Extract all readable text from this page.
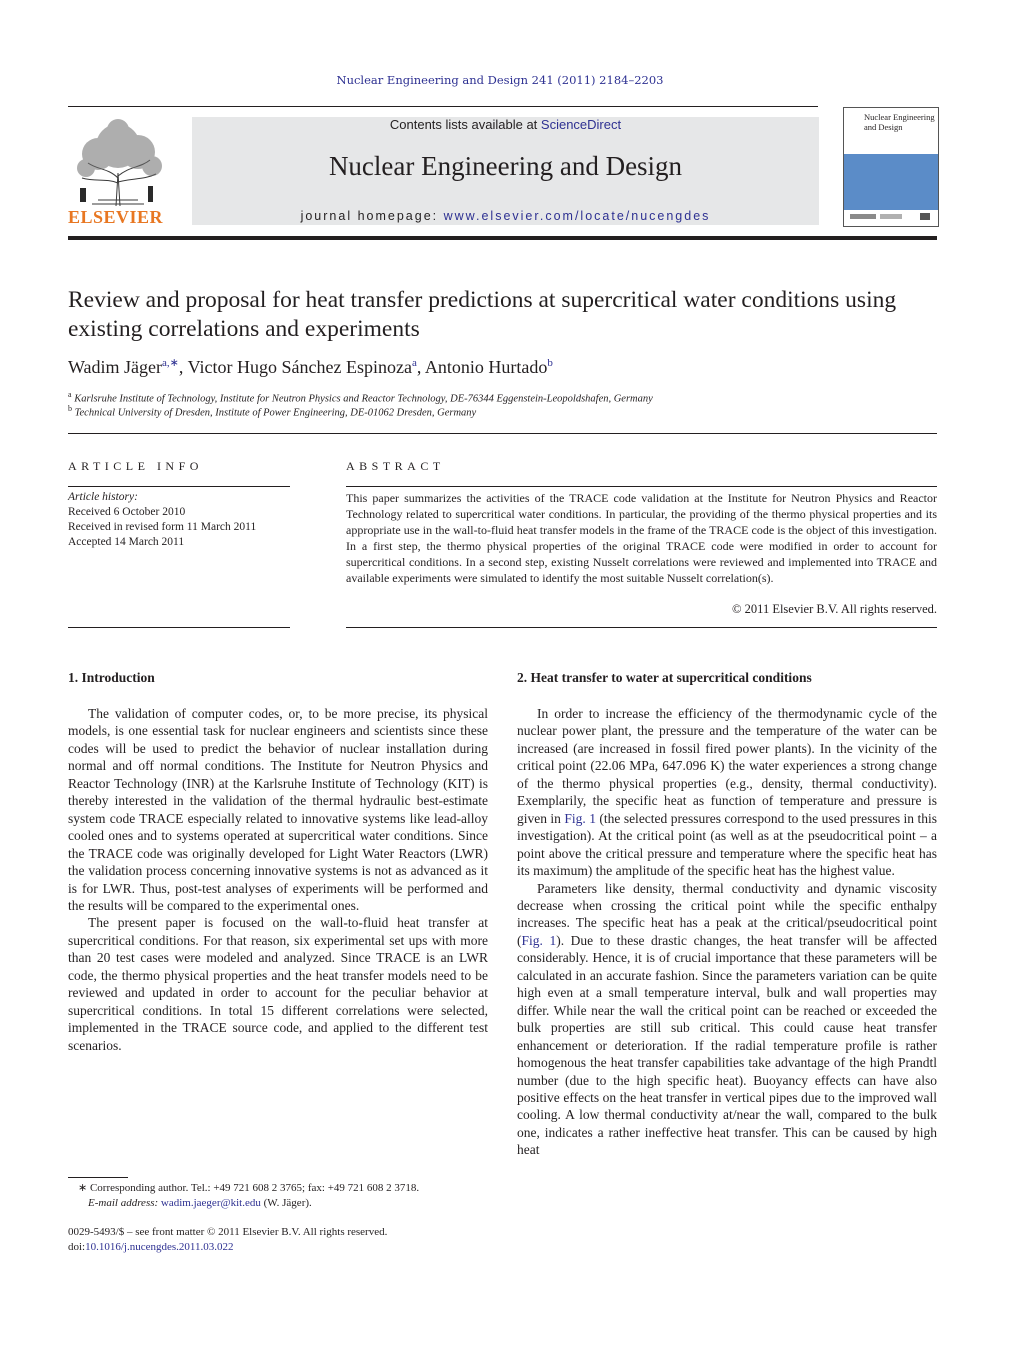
Nuclear Engineering and Design 241 (2011) 2184–2203
ELSEVIER
Contents lists available at ScienceDirect
Nuclear Engineering and Design
journal homepage: www.elsevier.com/locate/nucengdes
Nuclear Engineering and Design
Review and proposal for heat transfer predictions at supercritical water conditions using existing correlations and experiments
Wadim Jäger$^{a,∗}$, Victor Hugo Sánchez Espinoza$^a$, Antonio Hurtado$^b$
$^a$ Karlsruhe Institute of Technology, Institute for Neutron Physics and Reactor Technology, DE-76344 Eggenstein-Leopoldshafen, Germany
$^b$ Technical University of Dresden, Institute of Power Engineering, DE-01062 Dresden, Germany
ARTICLE INFO
Article history:
Received 6 October 2010
Received in revised form 11 March 2011
Accepted 14 March 2011
ABSTRACT
This paper summarizes the activities of the TRACE code validation at the Institute for Neutron Physics and Reactor Technology related to supercritical water conditions. In particular, the providing of the thermo physical properties and its appropriate use in the wall-to-fluid heat transfer models in the frame of the TRACE code is the object of this investigation. In a first step, the thermo physical properties of the original TRACE code were modified in order to account for supercritical conditions. In a second step, existing Nusselt correlations were reviewed and implemented into TRACE and available experiments were simulated to identify the most suitable Nusselt correlation(s).
© 2011 Elsevier B.V. All rights reserved.
1. Introduction

The validation of computer codes, or, to be more precise, its physical models, is one essential task for nuclear engineers and scientists since these codes will be used to predict the behavior of nuclear installation during normal and off normal conditions. The Institute for Neutron Physics and Reactor Technology (INR) at the Karlsruhe Institute of Technology (KIT) is thereby interested in the validation of the thermal hydraulic best-estimate system code TRACE especially related to innovative systems like lead-alloy cooled ones and to systems operated at supercritical water conditions. Since the TRACE code was originally developed for Light Water Reactors (LWR) the validation process concerning innovative systems is not as advanced as it is for LWR. Thus, post-test analyses of experiments will be performed and the results will be compared to the experimental ones.

The present paper is focused on the wall-to-fluid heat transfer at supercritical conditions. For that reason, six experimental set ups with more than 20 test cases were modeled and analyzed. Since TRACE is an LWR code, the thermo physical properties and the heat transfer models need to be reviewed and updated in order to account for the peculiar behavior at supercritical conditions. In total 15 different correlations were selected, implemented in the TRACE source code, and applied to the different test scenarios.

2. Heat transfer to water at supercritical conditions

In order to increase the efficiency of the thermodynamic cycle of the nuclear power plant, the pressure and the temperature of the water can be increased (are increased in fossil fired power plants). In the vicinity of the critical point (22.06 MPa, 647.096 K) the water experiences a strong change of the thermo physical properties (e.g., density, thermal conductivity). Exemplarily, the specific heat as function of temperature and pressure is given in Fig. 1 (the selected pressures correspond to the used pressures in this investigation). At the critical point (as well as at the pseudocritical point – a point above the critical pressure and temperature where the specific heat has its maximum) the amplitude of the specific heat has the highest value.

Parameters like density, thermal conductivity and dynamic viscosity decrease when crossing the critical point while the specific enthalpy increases. The specific heat has a peak at the critical/pseudocritical point (Fig. 1). Due to these drastic changes, the heat transfer will be affected considerably. Hence, it is of crucial importance that these parameters will be calculated in an accurate fashion. Since the parameters variation can be quite high even at a small temperature interval, bulk and wall properties may differ. While near the wall the critical point can be reached or exceeded the bulk properties are still sub critical. This could cause heat transfer enhancement or deterioration. If the radial temperature profile is rather homogenous the heat transfer capabilities take advantage of the high Prandtl number (due to the high specific heat). Buoyancy effects can have also positive effects on the heat transfer in vertical pipes due to the improved wall cooling. A low thermal conductivity at/near the wall, compared to the bulk one, indicates a rather ineffective heat transfer. This can be caused by high heat

∗ Corresponding author. Tel.: +49 721 608 2 3765; fax: +49 721 608 2 3718.
E-mail address: wadim.jaeger@kit.edu (W. Jäger).
0029-5493/$ – see front matter © 2011 Elsevier B.V. All rights reserved.
doi:10.1016/j.nucengdes.2011.03.022
